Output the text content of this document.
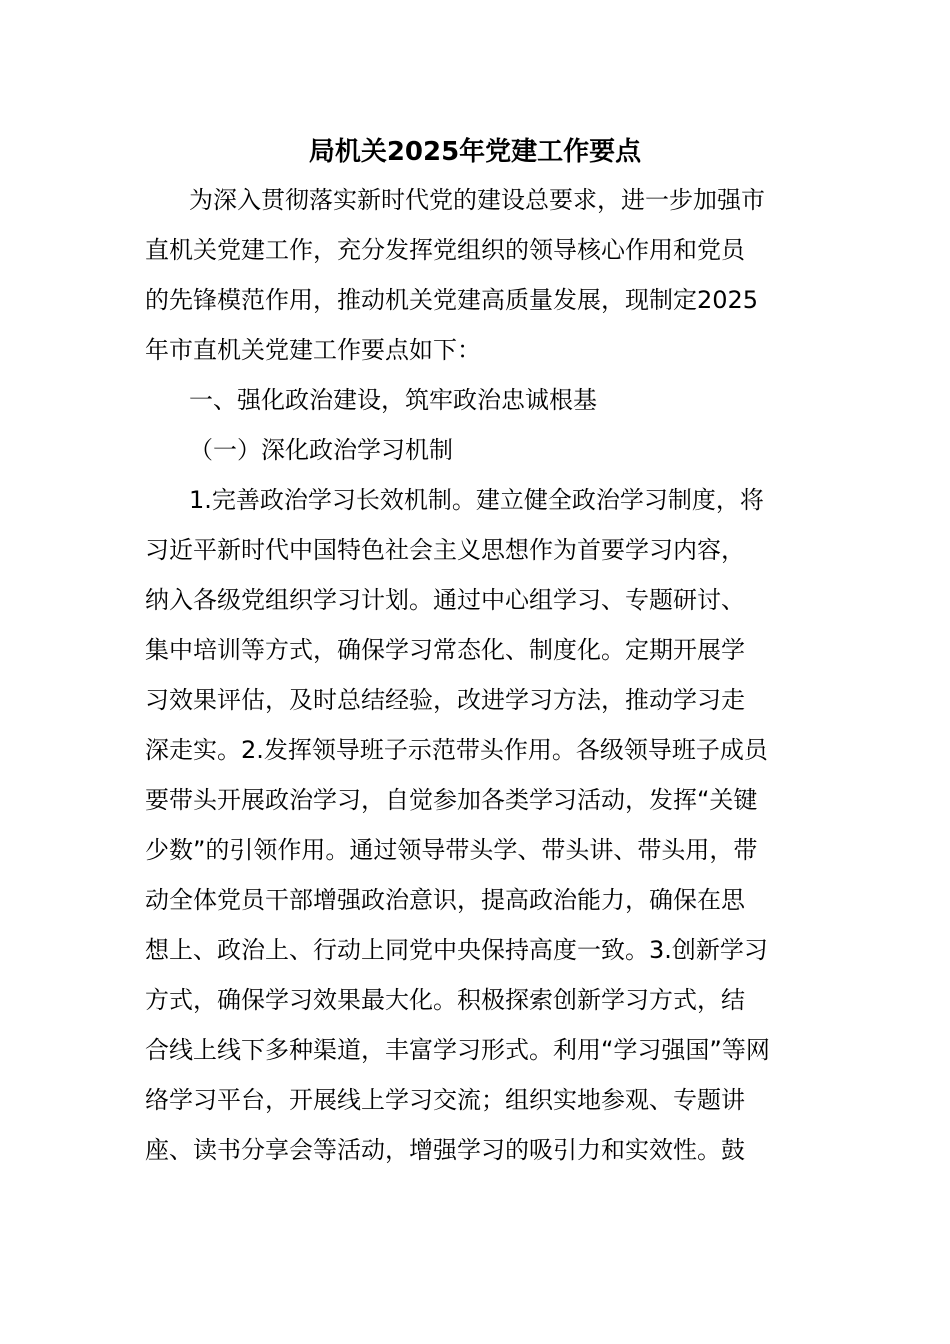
局机关2025年党建工作要点

为深入贯彻落实新时代党的建设总要求，进一步加强市
直机关党建工作，充分发挥党组织的领导核心作用和党员
的先锋模范作用，推动机关党建高质量发展，现制定2025
年市直机关党建工作要点如下：

一、强化政治建设，筑牢政治忠诚根基

（一）深化政治学习机制

1.完善政治学习长效机制。建立健全政治学习制度，将
习近平新时代中国特色社会主义思想作为首要学习内容，
纳入各级党组织学习计划。通过中心组学习、专题研讨、
集中培训等方式，确保学习常态化、制度化。定期开展学
习效果评估，及时总结经验，改进学习方法，推动学习走
深走实。2.发挥领导班子示范带头作用。各级领导班子成员
要带头开展政治学习，自觉参加各类学习活动，发挥“关键
少数”的引领作用。通过领导带头学、带头讲、带头用，带
动全体党员干部增强政治意识，提高政治能力，确保在思
想上、政治上、行动上同党中央保持高度一致。3.创新学习
方式，确保学习效果最大化。积极探索创新学习方式，结
合线上线下多种渠道，丰富学习形式。利用“学习强国”等网
络学习平台，开展线上学习交流；组织实地参观、专题讲
座、读书分享会等活动，增强学习的吸引力和实效性。鼓
